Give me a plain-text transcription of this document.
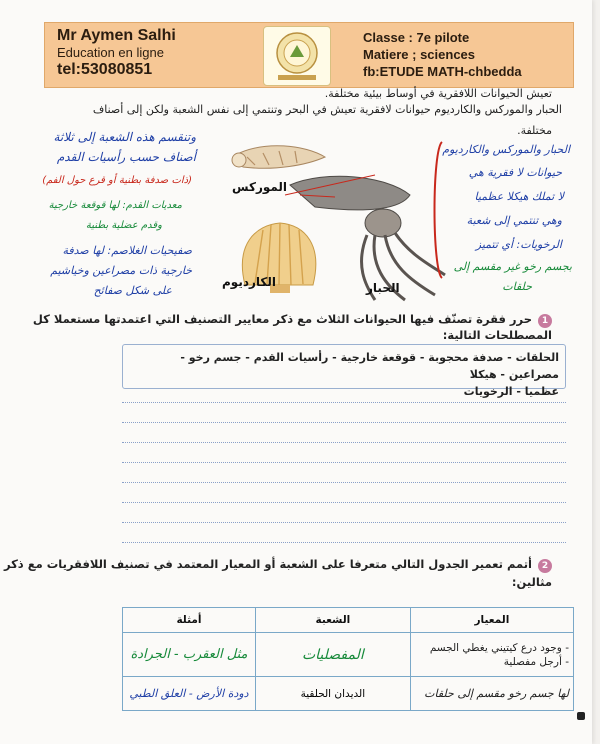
Mr Aymen Salhi
Education en ligne
tel:53080851
Classe : 7e pilote
Matiere ; sciences
fb:ETUDE MATH-chbedda
تعيش الحيوانات اللافقرية في أوساط بيئية مختلفة.
الحبار والموركس والكارديوم حيوانات لافقرية تعيش في البحر وتنتمي إلى نفس الشعبة ولكن إلى أصناف
مختلفة.
الموركس
الكارديوم	الحبار
وتنقسم هذه الشعبة إلى ثلاثة
أصناف حسب رأسيات القدم
(ذات صدفة بطنية أو قرع حول الفم)
معديات القدم: لها قوقعة خارجية
وقدم عضلية بطنية
صفيحيات الغلاصم: لها صدفة
خارجية ذات مصراعين وخياشيم
على شكل صفائح
الحبار والموركس والكارديوم
حيوانات لا فقرية هي
لا تملك هيكلا عظميا
وهي تنتمي إلى شعبة
الرخويات: أي تتميز
بجسم رخو غير مقسم إلى
حلقات
1حرر فقرة تصنّف فيها الحيوانات الثلاث مع ذكر معايير التصنيف التي اعتمدتها مستعملا كل
المصطلحات التالية:
الحلقات - صدفة محجوبة - قوقعة خارجية - رأسيات القدم - جسم رخو - مصراعين - هيكلا
عظميا - الرخويات
2أتمم تعمير الجدول التالي متعرفا على الشعبة أو المعيار المعتمد في تصنيف اللافقريات مع ذكر
مثالين:
المعيار	الشعبة	أمثلة

- وجود درع كيتيني يغطي الجسم
- أرجل مفصلية	المفصليات	مثل العقرب - الجرادة

لها جسم رخو مقسم إلى حلقات	الديدان الحلقية	دودة الأرض - العلق الطبي
